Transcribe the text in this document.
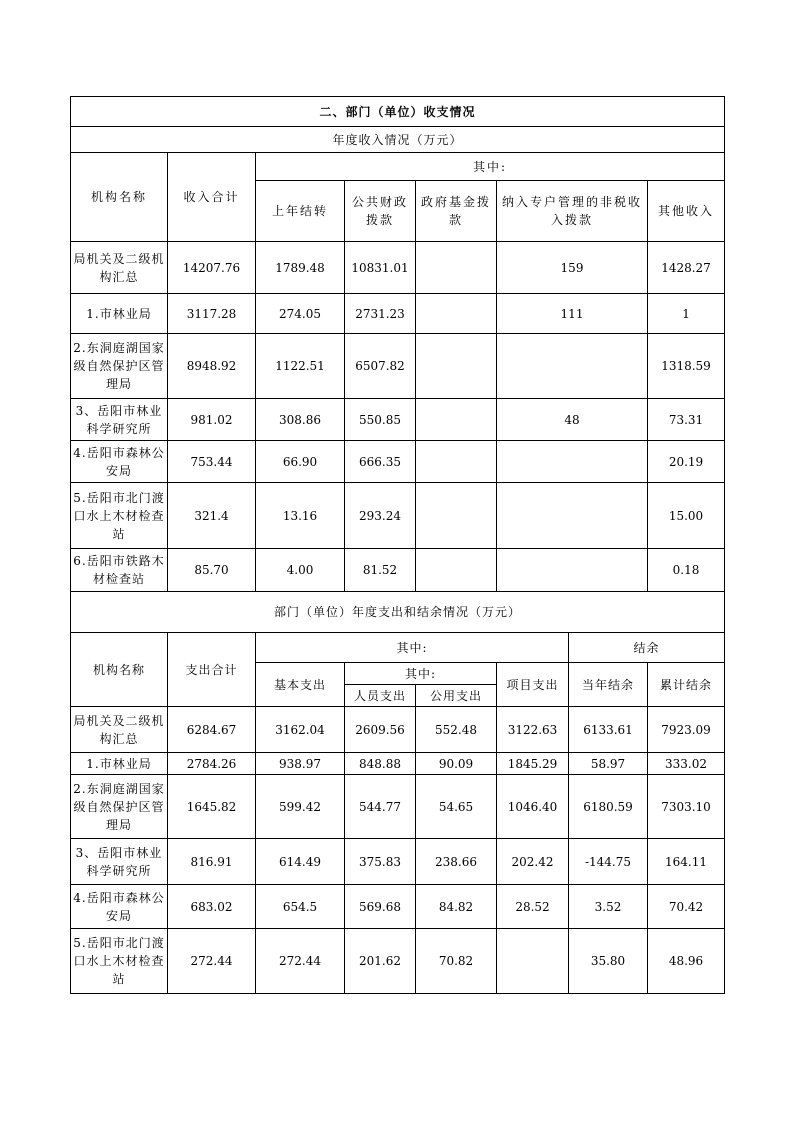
二、部门（单位）收支情况							
年度收入情况（万元）							
机构名称	收入合计	其中:					
		上年结转	公共财政拨款	政府基金拨款	纳入专户管理的非税收入拨款		其他收入
局机关及二级机构汇总	14207.76	1789.48	10831.01		159		1428.27
1.市林业局	3117.28	274.05	2731.23		111		1
2.东洞庭湖国家级自然保护区管理局	8948.92	1122.51	6507.82				1318.59
3、岳阳市林业科学研究所	981.02	308.86	550.85		48		73.31
4.岳阳市森林公安局	753.44	66.90	666.35				20.19
5.岳阳市北门渡口水上木材检查站	321.4	13.16	293.24				15.00
6.岳阳市铁路木材检查站	85.70	4.00	81.52				0.18
部门（单位）年度支出和结余情况（万元）							
机构名称	支出合计	其中:				结余	
		基本支出	其中:		项目支出	当年结余	累计结余
			人员支出	公用支出			
局机关及二级机构汇总	6284.67	3162.04	2609.56	552.48	3122.63	6133.61	7923.09
1.市林业局	2784.26	938.97	848.88	90.09	1845.29	58.97	333.02
2.东洞庭湖国家级自然保护区管理局	1645.82	599.42	544.77	54.65	1046.40	6180.59	7303.10
3、岳阳市林业科学研究所	816.91	614.49	375.83	238.66	202.42	-144.75	164.11
4.岳阳市森林公安局	683.02	654.5	569.68	84.82	28.52	3.52	70.42
5.岳阳市北门渡口水上木材检查站	272.44	272.44	201.62	70.82		35.80	48.96
